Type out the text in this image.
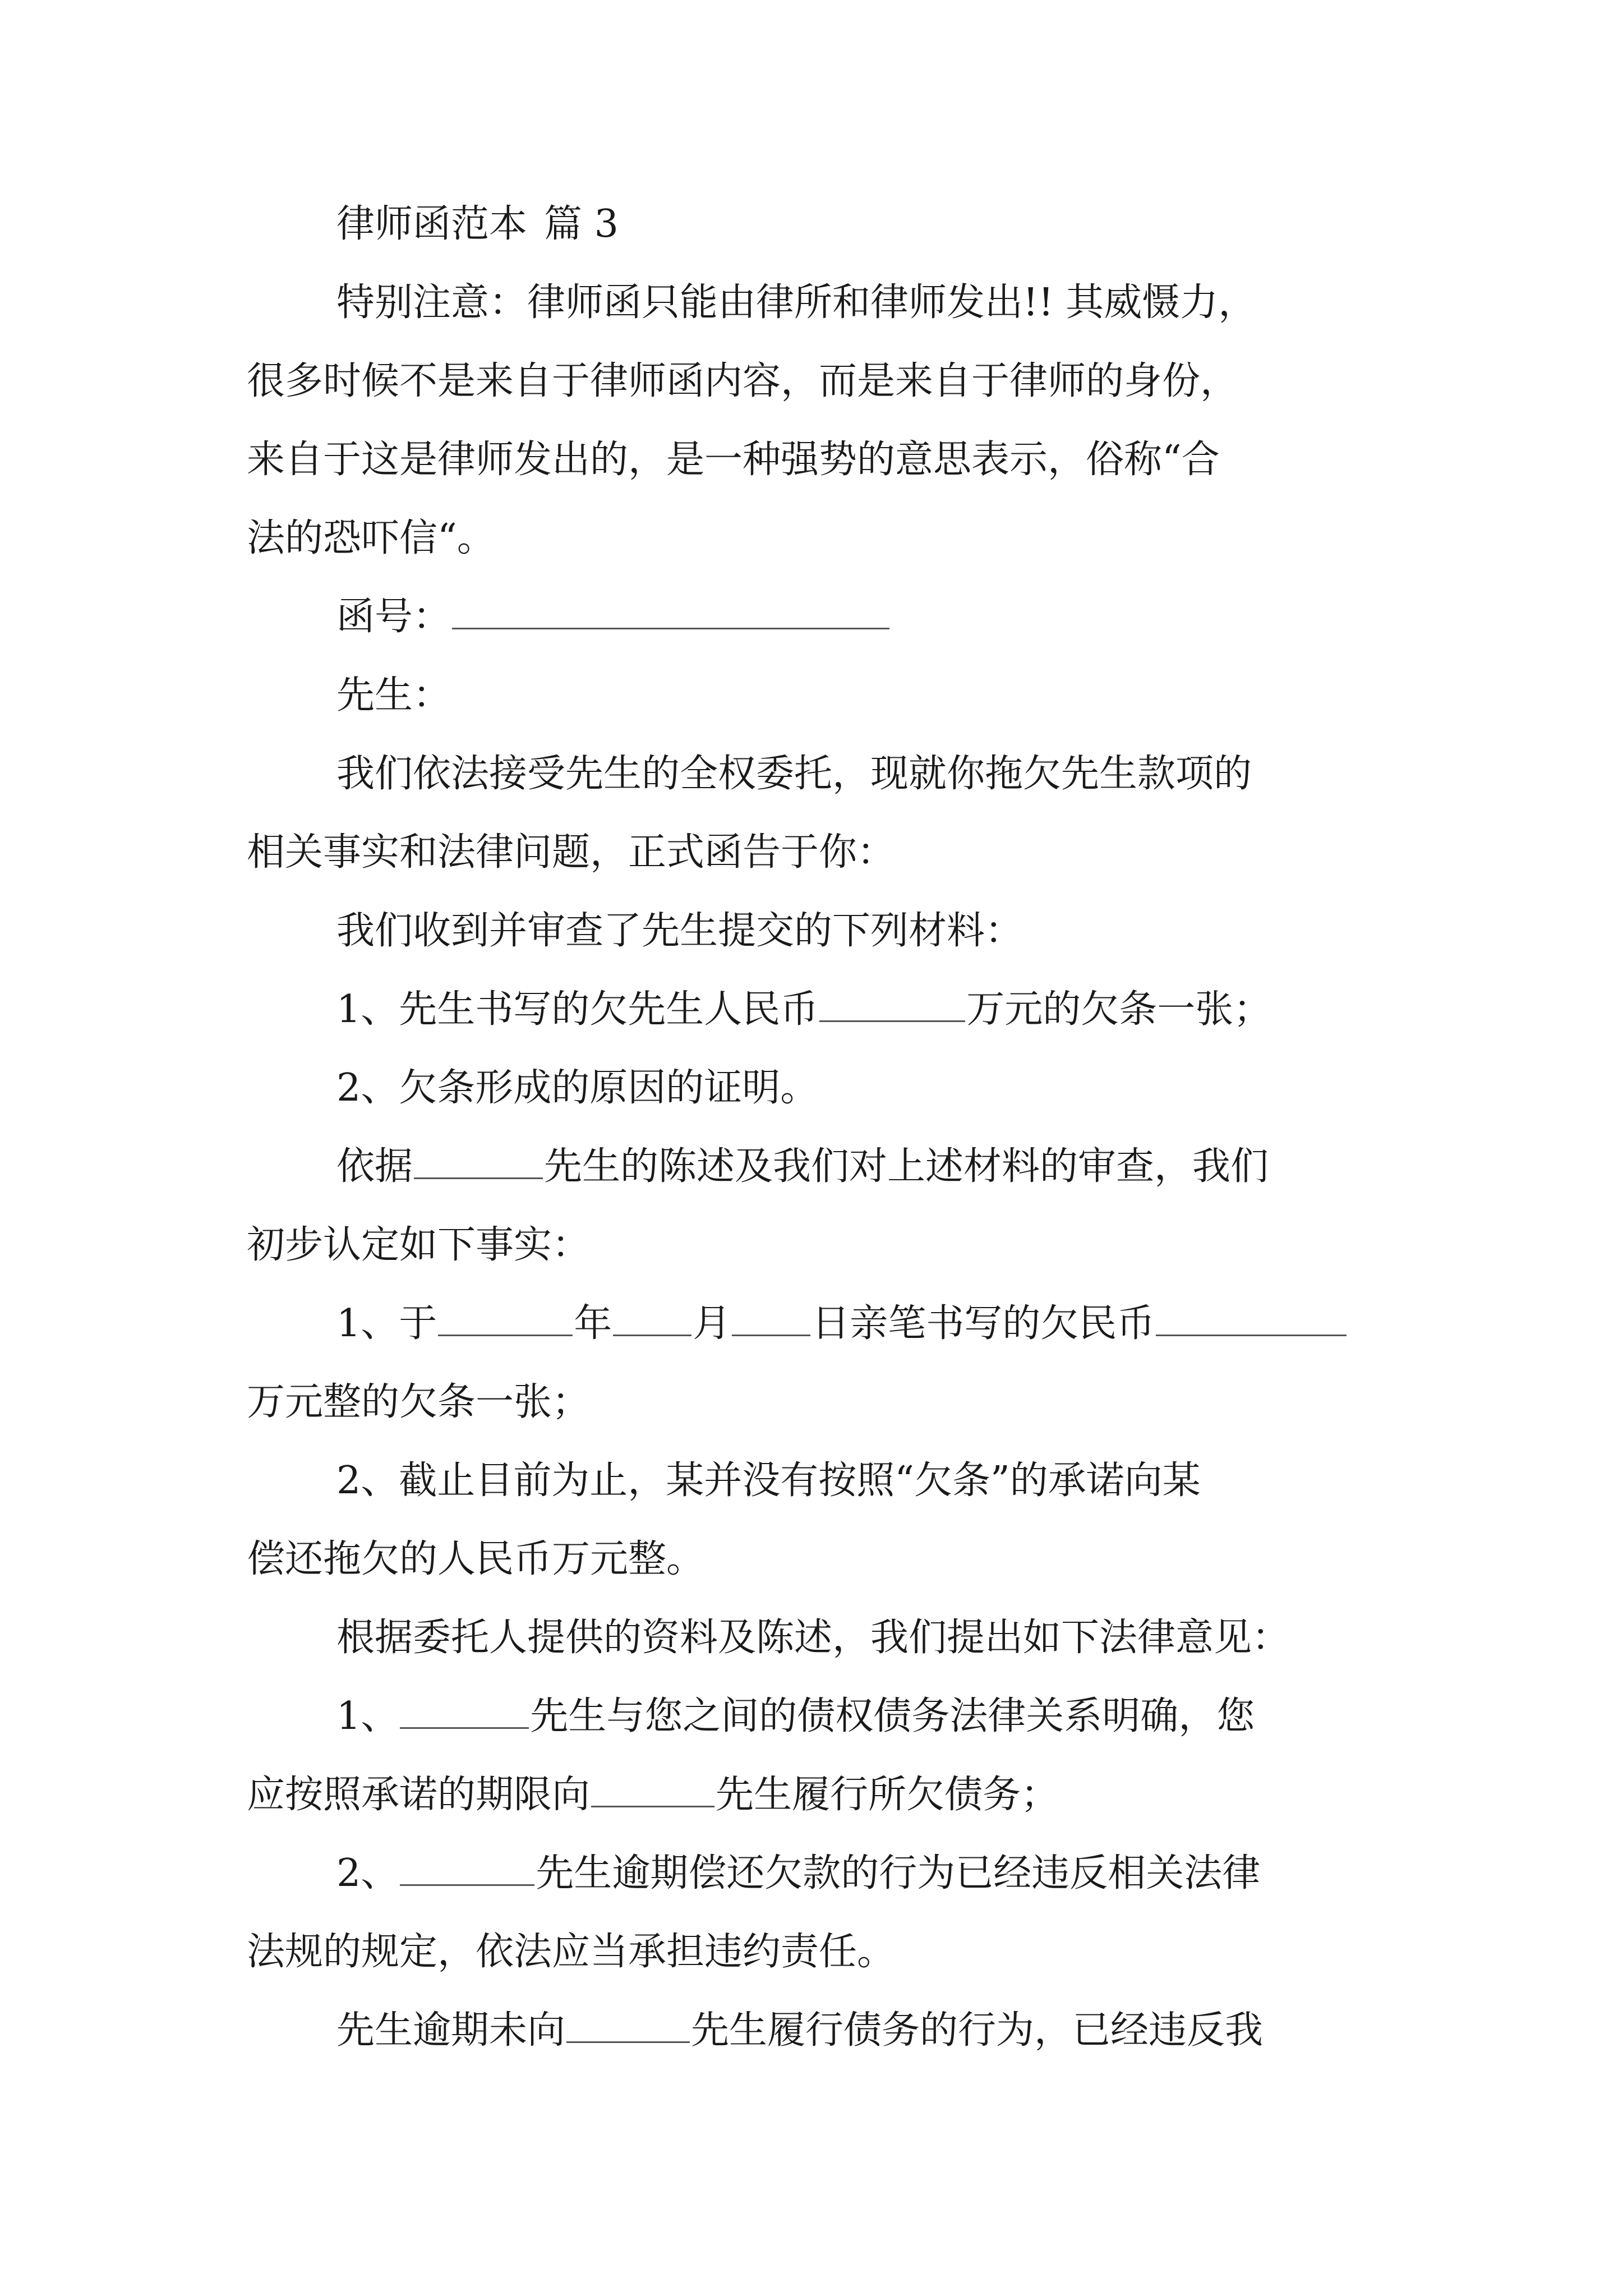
律师函范本 篇 3
特别注意：律师函只能由律所和律师发出!! 其威慑力，
很多时候不是来自于律师函内容，而是来自于律师的身份，
来自于这是律师发出的，是一种强势的意思表示，俗称“合
法的恐吓信“。
函号：
先生：
我们依法接受先生的全权委托，现就你拖欠先生款项的
相关事实和法律问题，正式函告于你：
我们收到并审查了先生提交的下列材料：
1、先生书写的欠先生人民币	万元的欠条一张；
2、欠条形成的原因的证明。
依据	先生的陈述及我们对上述材料的审查，我们
初步认定如下事实：
1、于	年 月 日亲笔书写的欠民币
万元整的欠条一张；
2、截止目前为止，某并没有按照“欠条”的承诺向某
偿还拖欠的人民币万元整。
根据委托人提供的资料及陈述，我们提出如下法律意见：
1、	先生与您之间的债权债务法律关系明确，您
应按照承诺的期限向	先生履行所欠债务；
2、	先生逾期偿还欠款的行为已经违反相关法律
法规的规定，依法应当承担违约责任。
先生逾期未向	先生履行债务的行为，已经违反我
